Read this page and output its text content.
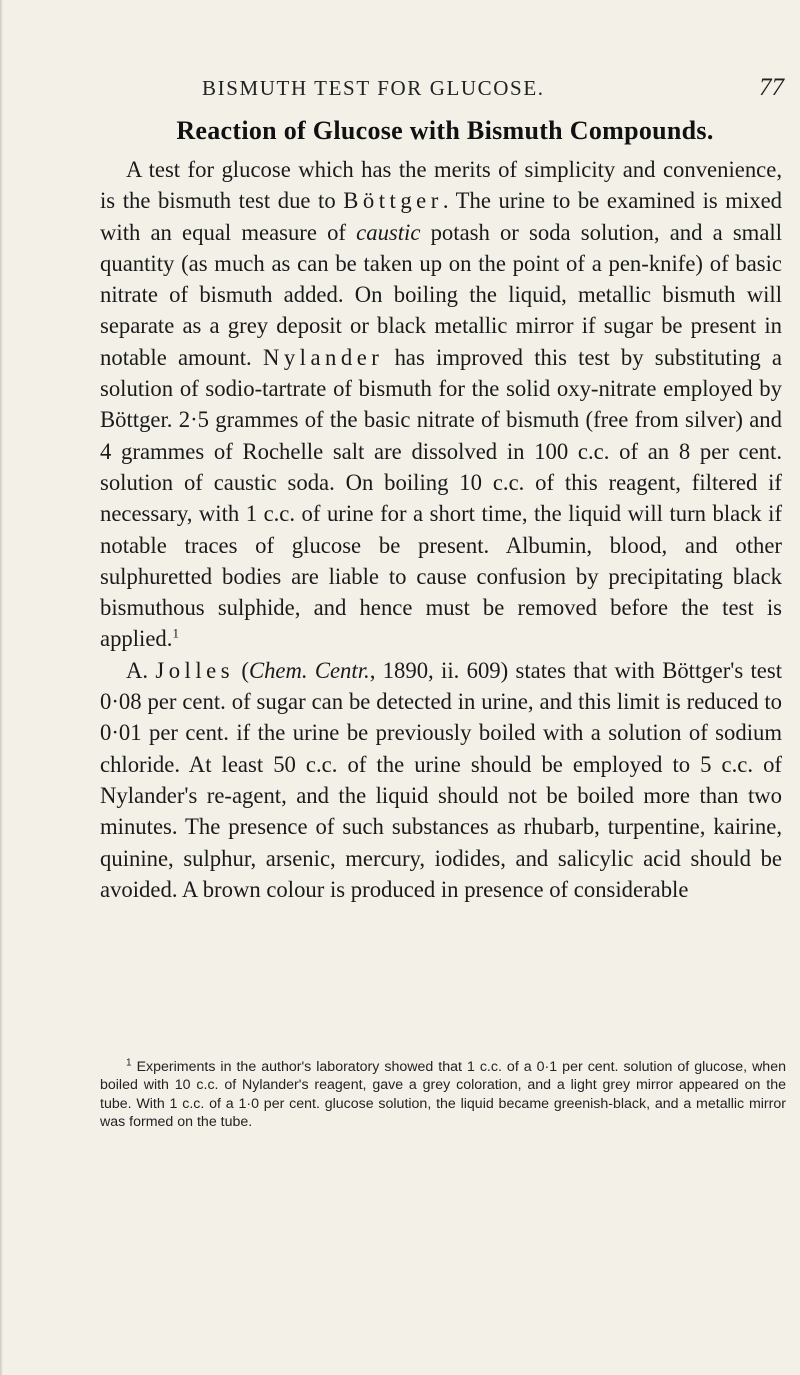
BISMUTH TEST FOR GLUCOSE.	77
Reaction of Glucose with Bismuth Compounds.

A test for glucose which has the merits of simplicity and convenience, is the bismuth test due to Böttger. The urine to be examined is mixed with an equal measure of caustic potash or soda solution, and a small quantity (as much as can be taken up on the point of a pen-knife) of basic nitrate of bismuth added. On boiling the liquid, metallic bismuth will separate as a grey deposit or black metallic mirror if sugar be present in notable amount. Nylander has improved this test by substituting a solution of sodio-tartrate of bismuth for the solid oxy-nitrate employed by Böttger. 2·5 grammes of the basic nitrate of bismuth (free from silver) and 4 grammes of Rochelle salt are dissolved in 100 c.c. of an 8 per cent. solution of caustic soda. On boiling 10 c.c. of this reagent, filtered if necessary, with 1 c.c. of urine for a short time, the liquid will turn black if notable traces of glucose be present. Albumin, blood, and other sulphuretted bodies are liable to cause confusion by precipitating black bismuthous sulphide, and hence must be removed before the test is applied.$^1$

A. Jolles (Chem. Centr., 1890, ii. 609) states that with Böttger's test 0·08 per cent. of sugar can be detected in urine, and this limit is reduced to 0·01 per cent. if the urine be previously boiled with a solution of sodium chloride. At least 50 c.c. of the urine should be employed to 5 c.c. of Nylander's re-agent, and the liquid should not be boiled more than two minutes. The presence of such substances as rhubarb, turpentine, kairine, quinine, sulphur, arsenic, mercury, iodides, and salicylic acid should be avoided. A brown colour is produced in presence of considerable

$^1$ Experiments in the author's laboratory showed that 1 c.c. of a 0·1 per cent. solution of glucose, when boiled with 10 c.c. of Nylander's reagent, gave a grey coloration, and a light grey mirror appeared on the tube. With 1 c.c. of a 1·0 per cent. glucose solution, the liquid became greenish-black, and a metallic mirror was formed on the tube.
